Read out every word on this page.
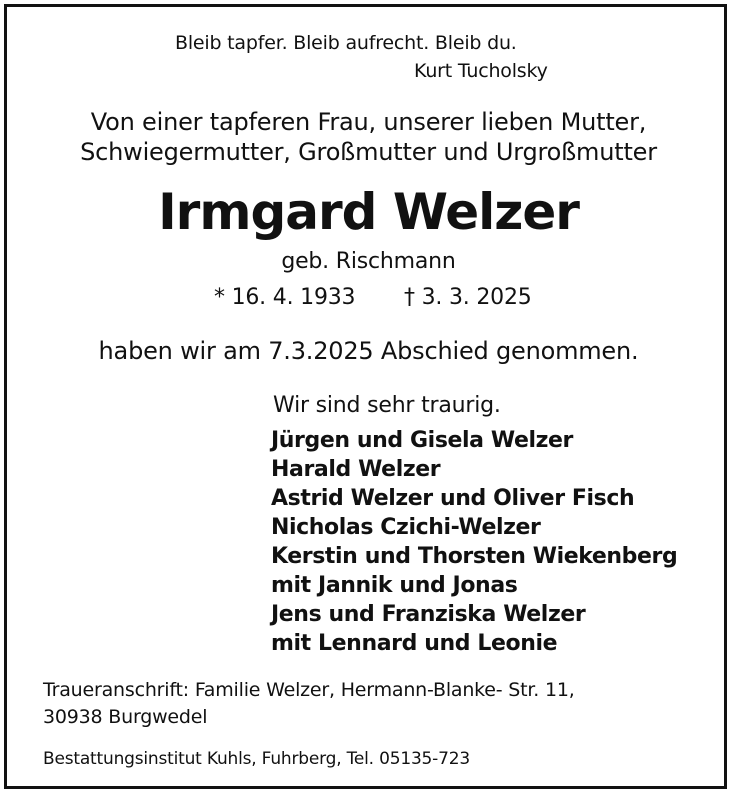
Bleib tapfer. Bleib aufrecht. Bleib du.
Kurt Tucholsky
Von einer tapferen Frau, unserer lieben Mutter,
Schwiegermutter, Großmutter und Urgroßmutter
Irmgard Welzer
geb. Rischmann
* 16. 4. 1933 † 3. 3. 2025
haben wir am 7.3.2025 Abschied genommen.
Wir sind sehr traurig.
Jürgen und Gisela Welzer
Harald Welzer
Astrid Welzer und Oliver Fisch
Nicholas Czichi-Welzer
Kerstin und Thorsten Wiekenberg
mit Jannik und Jonas
Jens und Franziska Welzer
mit Lennard und Leonie
Traueranschrift: Familie Welzer, Hermann-Blanke- Str. 11,
30938 Burgwedel
Bestattungsinstitut Kuhls, Fuhrberg, Tel. 05135-723
